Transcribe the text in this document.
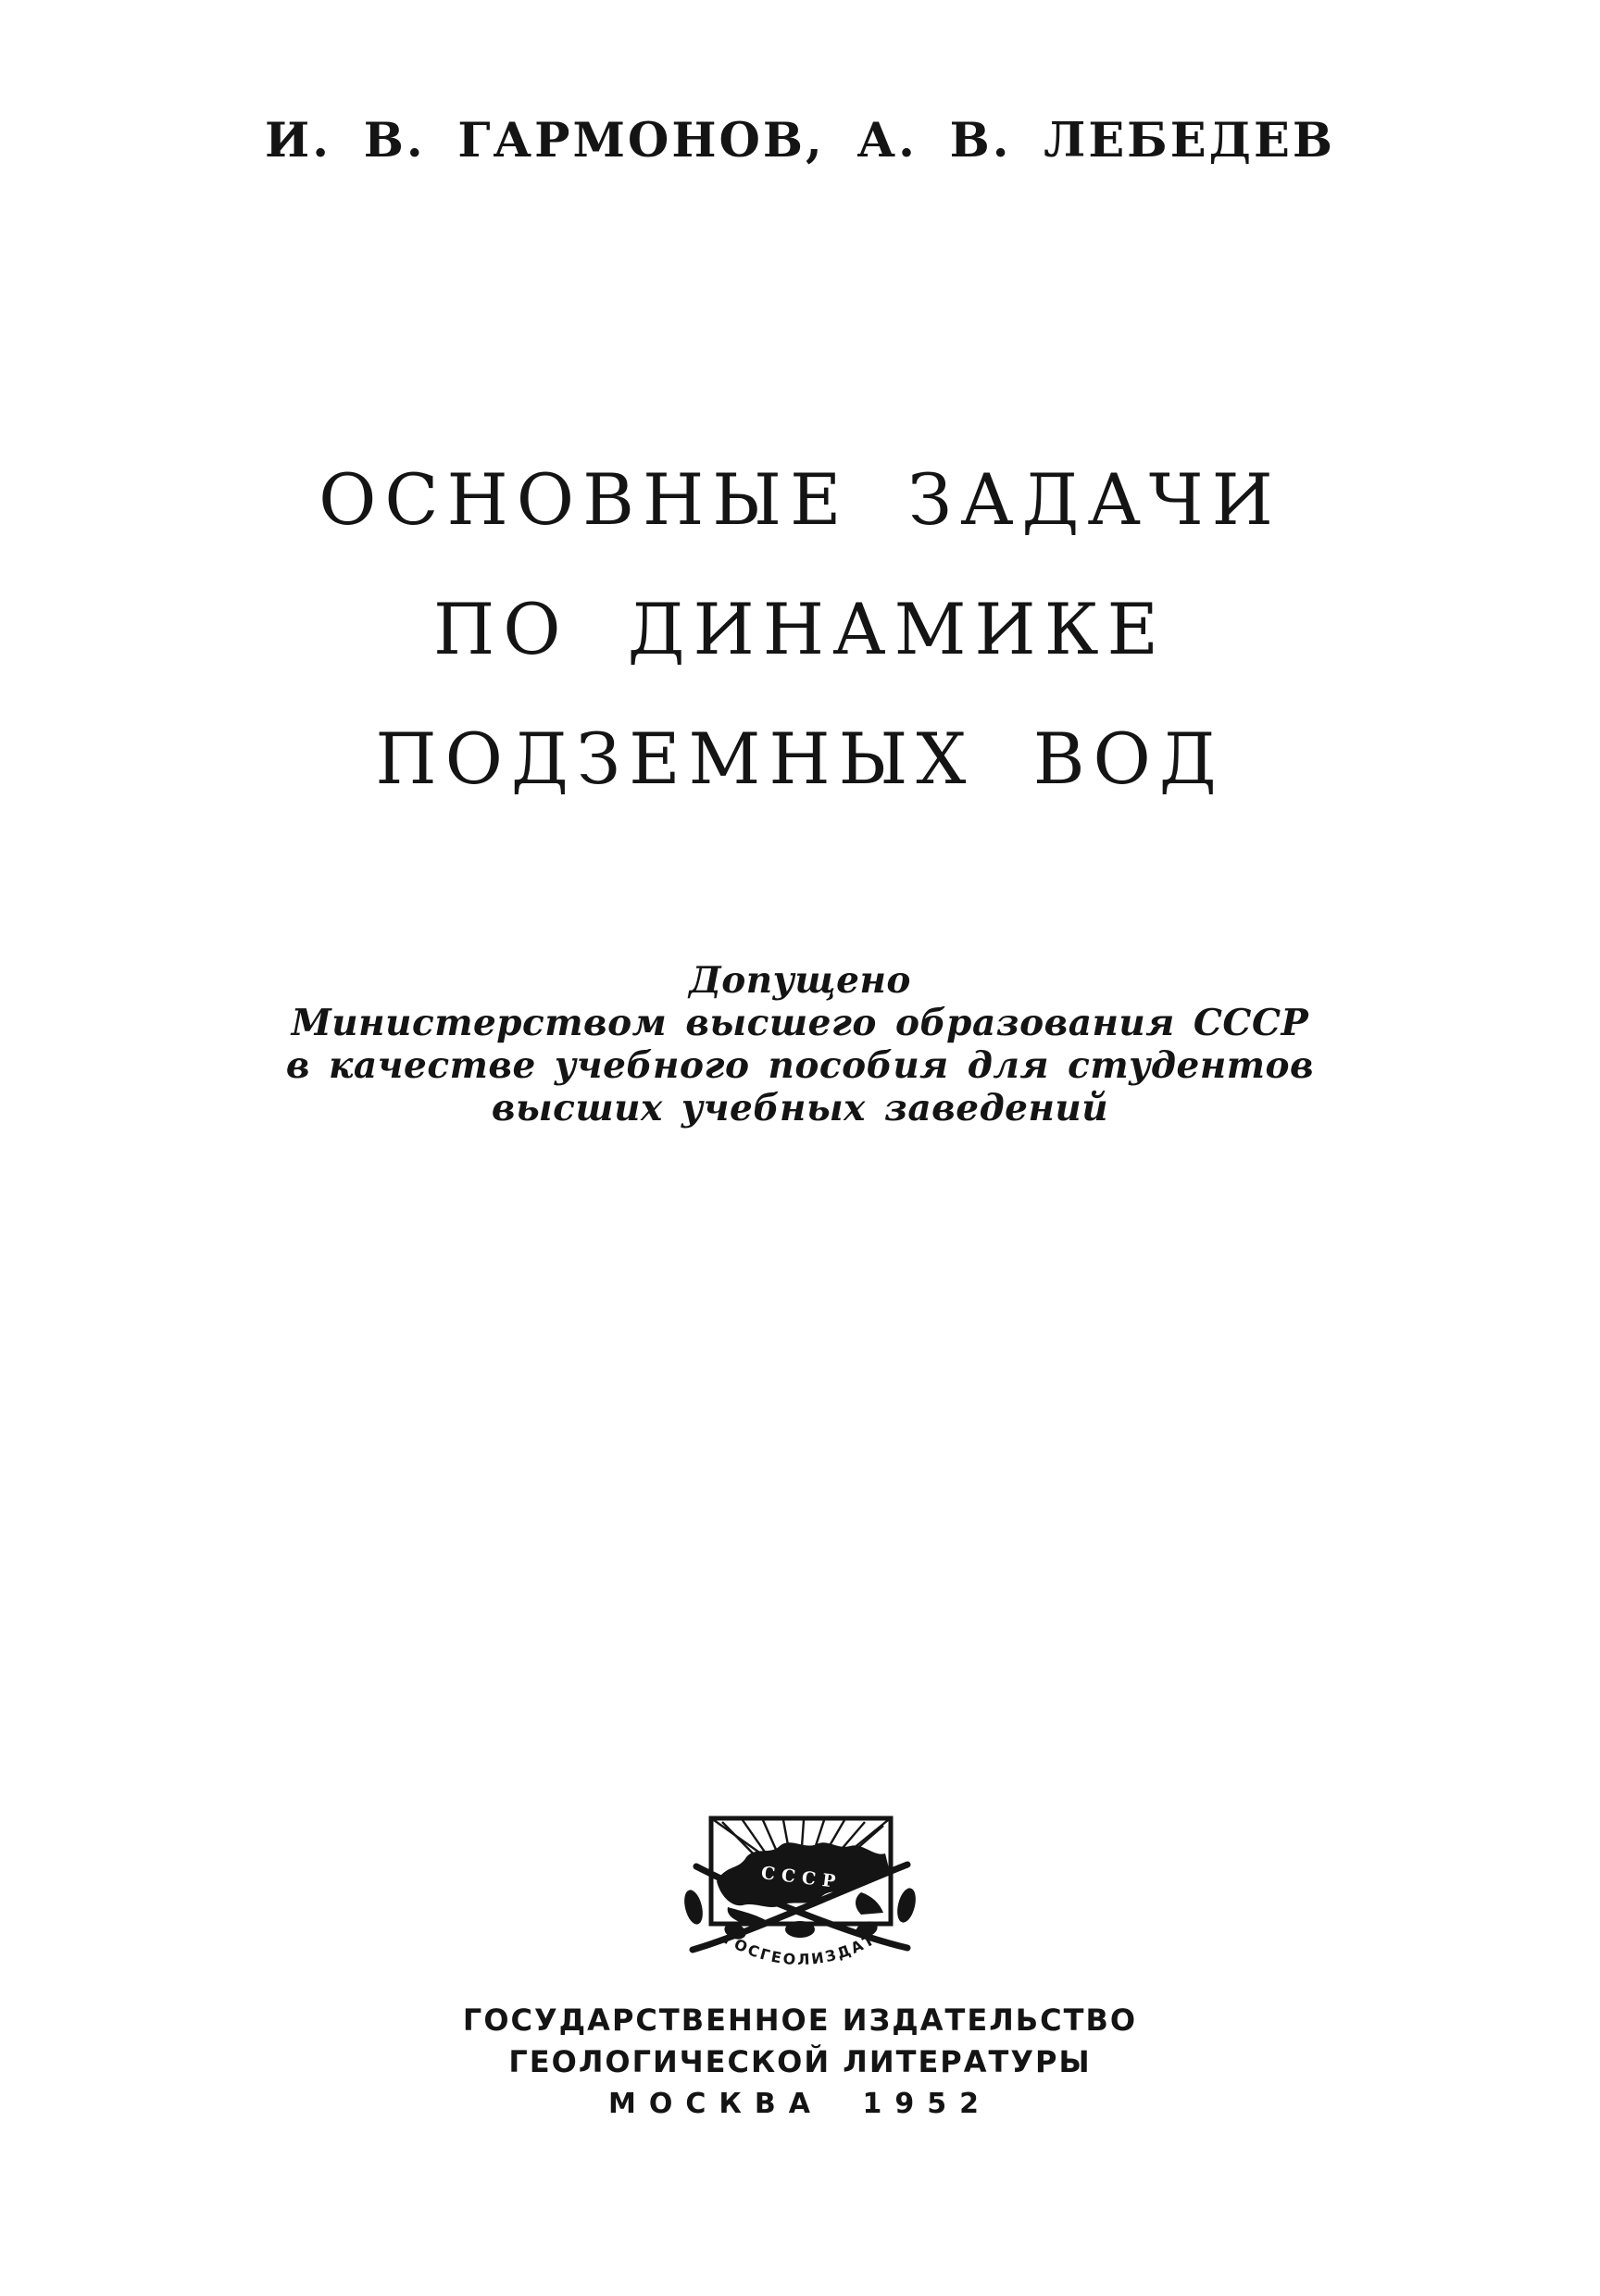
И. В. ГАРМОНОВ, А. В. ЛЕБЕДЕВ
ОСНОВНЫЕ ЗАДАЧИ
ПО ДИНАМИКЕ
ПОДЗЕМНЫХ ВОД
Допущено
Министерством высшего образования СССР
в качестве учебного пособия для студентов
высших учебных заведений
СССР
ГОСГЕОЛИЗДАТ
ГОСУДАРСТВЕННОЕ ИЗДАТЕЛЬСТВО
ГЕОЛОГИЧЕСКОЙ ЛИТЕРАТУРЫ
МОСКВА 1952
